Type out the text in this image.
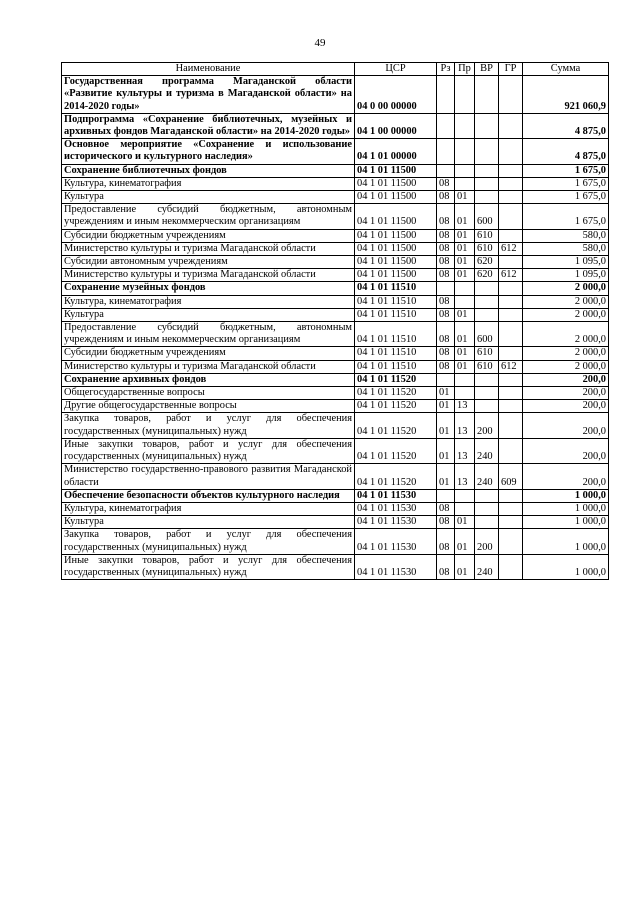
49
Наименование	ЦСР	Рз	Пр	ВР	ГР	Сумма
Государственная программа Магаданской области «Развитие культуры и туризма в Магаданской области» на 2014-2020 годы»	04 0 00 00000					921 060,9
Подпрограмма «Сохранение библиотечных, музейных и архивных фондов Магаданской области» на 2014-2020 годы»	04 1 00 00000					4 875,0
Основное мероприятие «Сохранение и использование исторического и культурного наследия»	04 1 01 00000					4 875,0
Сохранение библиотечных фондов	04 1 01 11500					1 675,0
Культура, кинематография	04 1 01 11500	08				1 675,0
Культура	04 1 01 11500	08	01			1 675,0
Предоставление субсидий бюджетным, автономным учреждениям и иным некоммерческим организациям	04 1 01 11500	08	01	600		1 675,0
Субсидии бюджетным учреждениям	04 1 01 11500	08	01	610		580,0
Министерство культуры и туризма Магаданской области	04 1 01 11500	08	01	610	612	580,0
Субсидии автономным учреждениям	04 1 01 11500	08	01	620		1 095,0
Министерство культуры и туризма Магаданской области	04 1 01 11500	08	01	620	612	1 095,0
Сохранение музейных фондов	04 1 01 11510					2 000,0
Культура, кинематография	04 1 01 11510	08				2 000,0
Культура	04 1 01 11510	08	01			2 000,0
Предоставление субсидий бюджетным, автономным учреждениям и иным некоммерческим организациям	04 1 01 11510	08	01	600		2 000,0
Субсидии бюджетным учреждениям	04 1 01 11510	08	01	610		2 000,0
Министерство культуры и туризма Магаданской области	04 1 01 11510	08	01	610	612	2 000,0
Сохранение архивных фондов	04 1 01 11520					200,0
Общегосударственные вопросы	04 1 01 11520	01				200,0
Другие общегосударственные вопросы	04 1 01 11520	01	13			200,0
Закупка товаров, работ и услуг для обеспечения государственных (муниципальных) нужд	04 1 01 11520	01	13	200		200,0
Иные закупки товаров, работ и услуг для обеспечения государственных (муниципальных) нужд	04 1 01 11520	01	13	240		200,0
Министерство государственно-правового развития Магаданской области	04 1 01 11520	01	13	240	609	200,0
Обеспечение безопасности объектов культурного наследия	04 1 01 11530					1 000,0
Культура, кинематография	04 1 01 11530	08				1 000,0
Культура	04 1 01 11530	08	01			1 000,0
Закупка товаров, работ и услуг для обеспечения государственных (муниципальных) нужд	04 1 01 11530	08	01	200		1 000,0
Иные закупки товаров, работ и услуг для обеспечения государственных (муниципальных) нужд	04 1 01 11530	08	01	240		1 000,0
